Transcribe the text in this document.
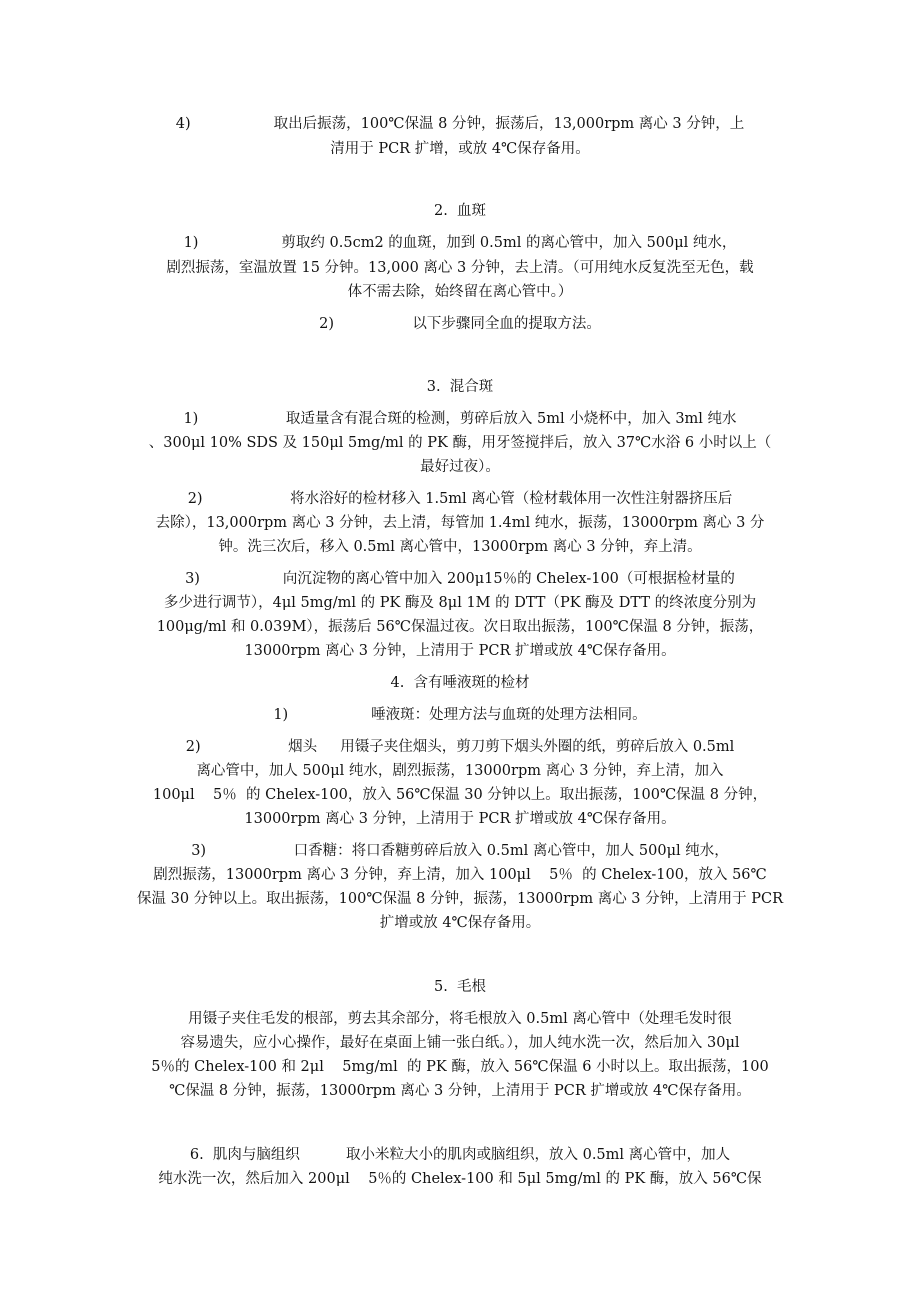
4)                  取出后振荡，100℃保温 8 分钟，振荡后，13,000rpm 离心 3 分钟，上
清用于 PCR 扩增，或放 4℃保存备用。
2.  血斑
1)                  剪取约 0.5cm2 的血斑，加到 0.5ml 的离心管中，加入 500μl 纯水，
剧烈振荡，室温放置 15 分钟。13,000 离心 3 分钟，去上清。（可用纯水反复洗至无色，载
体不需去除，始终留在离心管中。）
2)                 以下步骤同全血的提取方法。
3.  混合斑
1)                   取适量含有混合斑的检测，剪碎后放入 5ml 小烧杯中，加入 3ml 纯水
、300μl 10% SDS 及 150μl 5mg/ml 的 PK 酶，用牙签搅拌后，放入 37℃水浴 6 小时以上（
最好过夜）。
2)                   将水浴好的检材移入 1.5ml 离心管（检材载体用一次性注射器挤压后
去除），13,000rpm 离心 3 分钟，去上清，每管加 1.4ml 纯水，振荡，13000rpm 离心 3 分
钟。洗三次后，移入 0.5ml 离心管中，13000rpm 离心 3 分钟，弃上清。
3)                  向沉淀物的离心管中加入 200μ15％的 Chelex-100（可根据检材量的
多少进行调节），4μl 5mg/ml 的 PK 酶及 8μl 1M 的 DTT（PK 酶及 DTT 的终浓度分别为
100μg/ml 和 0.039M），振荡后 56℃保温过夜。次日取出振荡，100℃保温 8 分钟，振荡，
13000rpm 离心 3 分钟，上清用于 PCR 扩增或放 4℃保存备用。
4.  含有唾液斑的检材
1)                  唾液斑：处理方法与血斑的处理方法相同。
2)                   烟头     用镊子夹住烟头，剪刀剪下烟头外圈的纸，剪碎后放入 0.5ml
离心管中，加人 500μl 纯水，剧烈振荡，13000rpm 离心 3 分钟，弃上清，加入
100μl    5％  的 Chelex-100，放入 56℃保温 30 分钟以上。取出振荡，100℃保温 8 分钟，
13000rpm 离心 3 分钟，上清用于 PCR 扩增或放 4℃保存备用。
3)                   口香糖：将口香糖剪碎后放入 0.5ml 离心管中，加人 500μl 纯水，
剧烈振荡，13000rpm 离心 3 分钟，弃上清，加入 100μl    5％  的 Chelex-100，放入 56℃
保温 30 分钟以上。取出振荡，100℃保温 8 分钟，振荡，13000rpm 离心 3 分钟，上清用于 PCR
扩增或放 4℃保存备用。
5.  毛根
用镊子夹住毛发的根部，剪去其余部分，将毛根放入 0.5ml 离心管中（处理毛发时很
容易遗失，应小心操作，最好在桌面上铺一张白纸。），加人纯水洗一次，然后加入 30μl
5％的 Chelex-100 和 2μl    5mg/ml  的 PK 酶，放入 56℃保温 6 小时以上。取出振荡，100
℃保温 8 分钟，振荡，13000rpm 离心 3 分钟，上清用于 PCR 扩增或放 4℃保存备用。
6.  肌肉与脑组织          取小米粒大小的肌肉或脑组织，放入 0.5ml 离心管中，加人
纯水洗一次，然后加入 200μl    5％的 Chelex-100 和 5μl 5mg/ml 的 PK 酶，放入 56℃保
